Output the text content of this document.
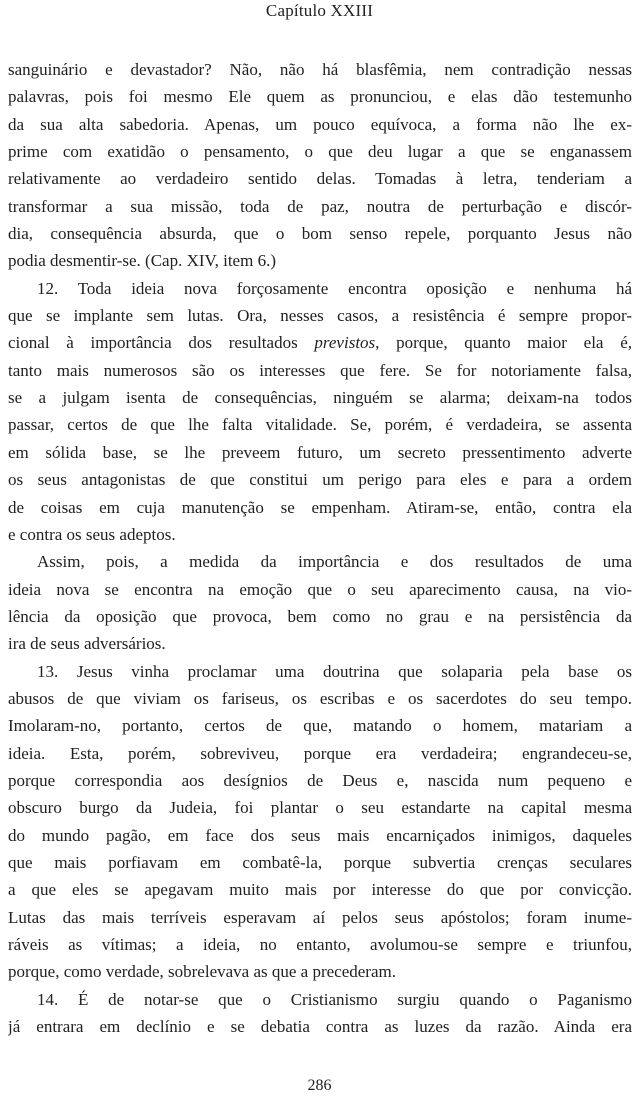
Capítulo XXIII
sanguinário e devastador? Não, não há blasfêmia, nem contradição nessas
palavras, pois foi mesmo Ele quem as pronunciou, e elas dão testemunho
da sua alta sabedoria. Apenas, um pouco equívoca, a forma não lhe ex-
prime com exatidão o pensamento, o que deu lugar a que se enganassem
relativamente ao verdadeiro sentido delas. Tomadas à letra, tenderiam a
transformar a sua missão, toda de paz, noutra de perturbação e discór-
dia, consequência absurda, que o bom senso repele, porquanto Jesus não
podia desmentir-se. (Cap. XIV, item 6.)
12. Toda ideia nova forçosamente encontra oposição e nenhuma há
que se implante sem lutas. Ora, nesses casos, a resistência é sempre propor-
cional à importância dos resultados previstos, porque, quanto maior ela é,
tanto mais numerosos são os interesses que fere. Se for notoriamente falsa,
se a julgam isenta de consequências, ninguém se alarma; deixam-na todos
passar, certos de que lhe falta vitalidade. Se, porém, é verdadeira, se assenta
em sólida base, se lhe preveem futuro, um secreto pressentimento adverte
os seus antagonistas de que constitui um perigo para eles e para a ordem
de coisas em cuja manutenção se empenham. Atiram-se, então, contra ela
e contra os seus adeptos.
Assim, pois, a medida da importância e dos resultados de uma
ideia nova se encontra na emoção que o seu aparecimento causa, na vio-
lência da oposição que provoca, bem como no grau e na persistência da
ira de seus adversários.
13. Jesus vinha proclamar uma doutrina que solaparia pela base os
abusos de que viviam os fariseus, os escribas e os sacerdotes do seu tempo.
Imolaram-no, portanto, certos de que, matando o homem, matariam a
ideia. Esta, porém, sobreviveu, porque era verdadeira; engrandeceu-se,
porque correspondia aos desígnios de Deus e, nascida num pequeno e
obscuro burgo da Judeia, foi plantar o seu estandarte na capital mesma
do mundo pagão, em face dos seus mais encarniçados inimigos, daqueles
que mais porfiavam em combatê-la, porque subvertia crenças seculares
a que eles se apegavam muito mais por interesse do que por convicção.
Lutas das mais terríveis esperavam aí pelos seus apóstolos; foram inume-
ráveis as vítimas; a ideia, no entanto, avolumou-se sempre e triunfou,
porque, como verdade, sobrelevava as que a precederam.
14. É de notar-se que o Cristianismo surgiu quando o Paganismo
já entrara em declínio e se debatia contra as luzes da razão. Ainda era
286
